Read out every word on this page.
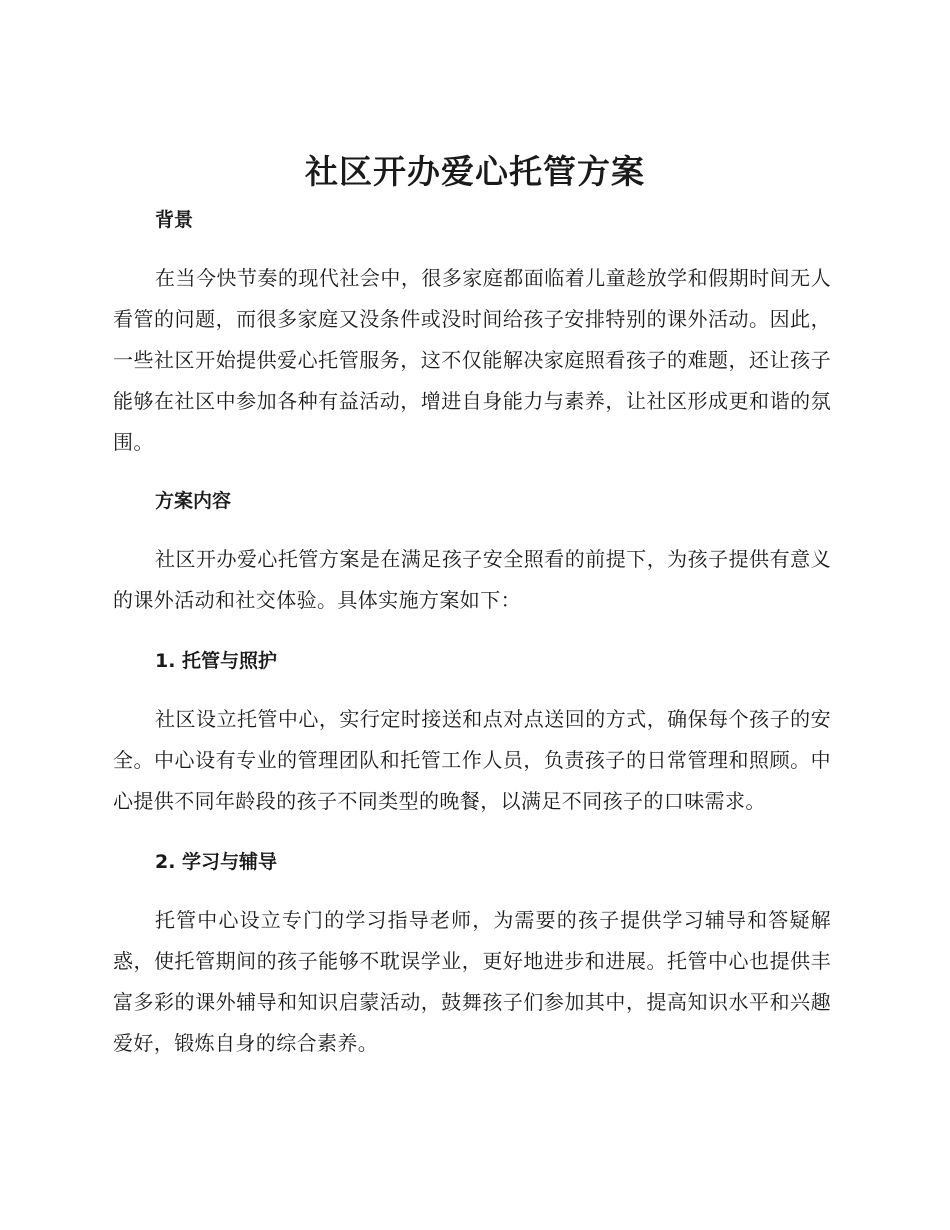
社区开办爱心托管方案
背景

在当今快节奏的现代社会中，很多家庭都面临着儿童趁放学和假期时间无人看管的问题，而很多家庭又没条件或没时间给孩子安排特别的课外活动。因此，一些社区开始提供爱心托管服务，这不仅能解决家庭照看孩子的难题，还让孩子能够在社区中参加各种有益活动，增进自身能力与素养，让社区形成更和谐的氛围。

方案内容

社区开办爱心托管方案是在满足孩子安全照看的前提下，为孩子提供有意义的课外活动和社交体验。具体实施方案如下：

1. 托管与照护

社区设立托管中心，实行定时接送和点对点送回的方式，确保每个孩子的安全。中心设有专业的管理团队和托管工作人员，负责孩子的日常管理和照顾。中心提供不同年龄段的孩子不同类型的晚餐，以满足不同孩子的口味需求。

2. 学习与辅导

托管中心设立专门的学习指导老师，为需要的孩子提供学习辅导和答疑解惑，使托管期间的孩子能够不耽误学业，更好地进步和进展。托管中心也提供丰富多彩的课外辅导和知识启蒙活动，鼓舞孩子们参加其中，提高知识水平和兴趣爱好，锻炼自身的综合素养。
